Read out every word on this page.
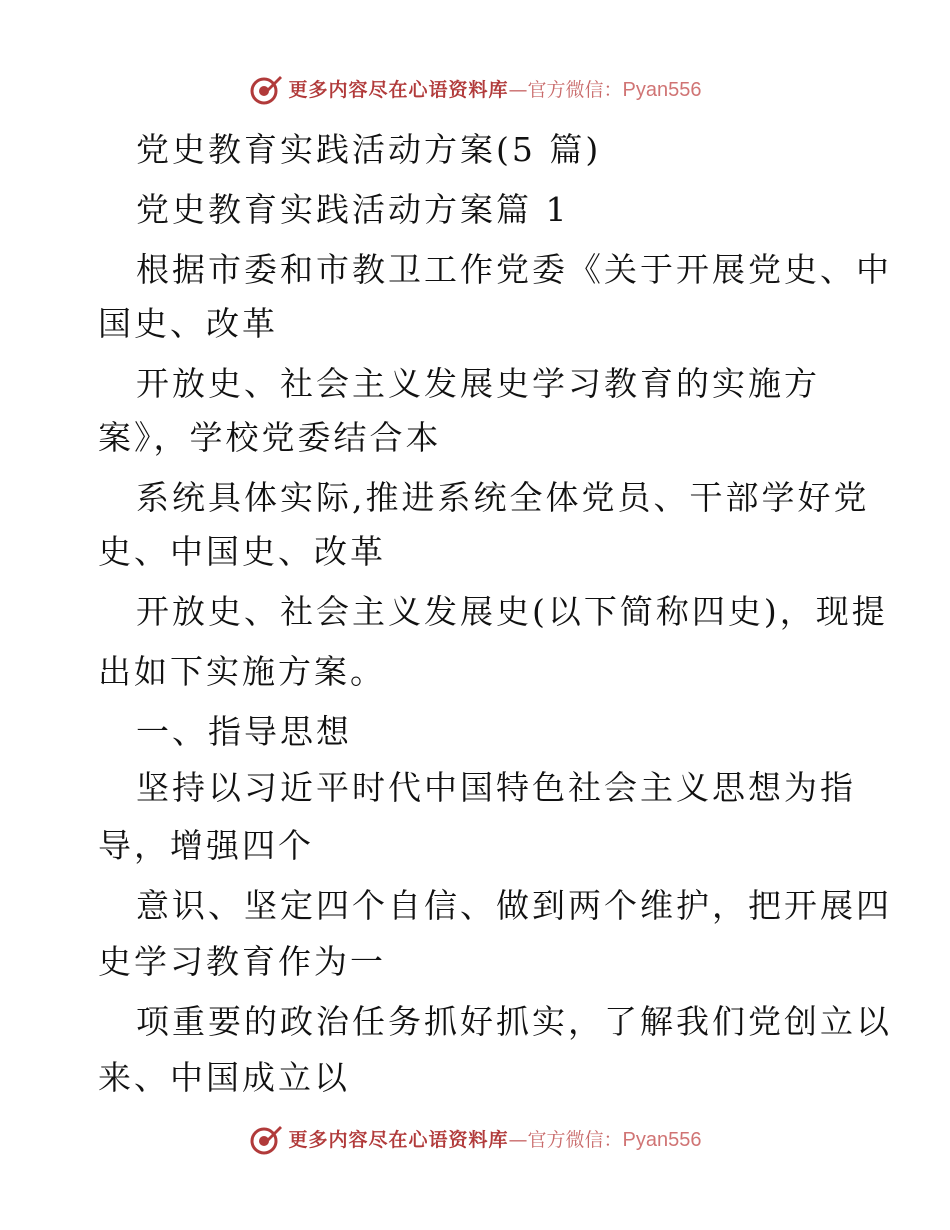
更多内容尽在心语资料库 — 官方微信： Pyan556
党史教育实践活动方案(5 篇)
党史教育实践活动方案篇 1
根据市委和市教卫工作党委《关于开展党史、中
国史、改革
开放史、社会主义发展史学习教育的实施方
案》，学校党委结合本
系统具体实际,推进系统全体党员、干部学好党
史、中国史、改革
开放史、社会主义发展史(以下简称四史)，现提
出如下实施方案。
一、指导思想
坚持以习近平时代中国特色社会主义思想为指
导，增强四个
意识、坚定四个自信、做到两个维护，把开展四
史学习教育作为一
项重要的政治任务抓好抓实，了解我们党创立以
来、中国成立以
更多内容尽在心语资料库 — 官方微信： Pyan556
